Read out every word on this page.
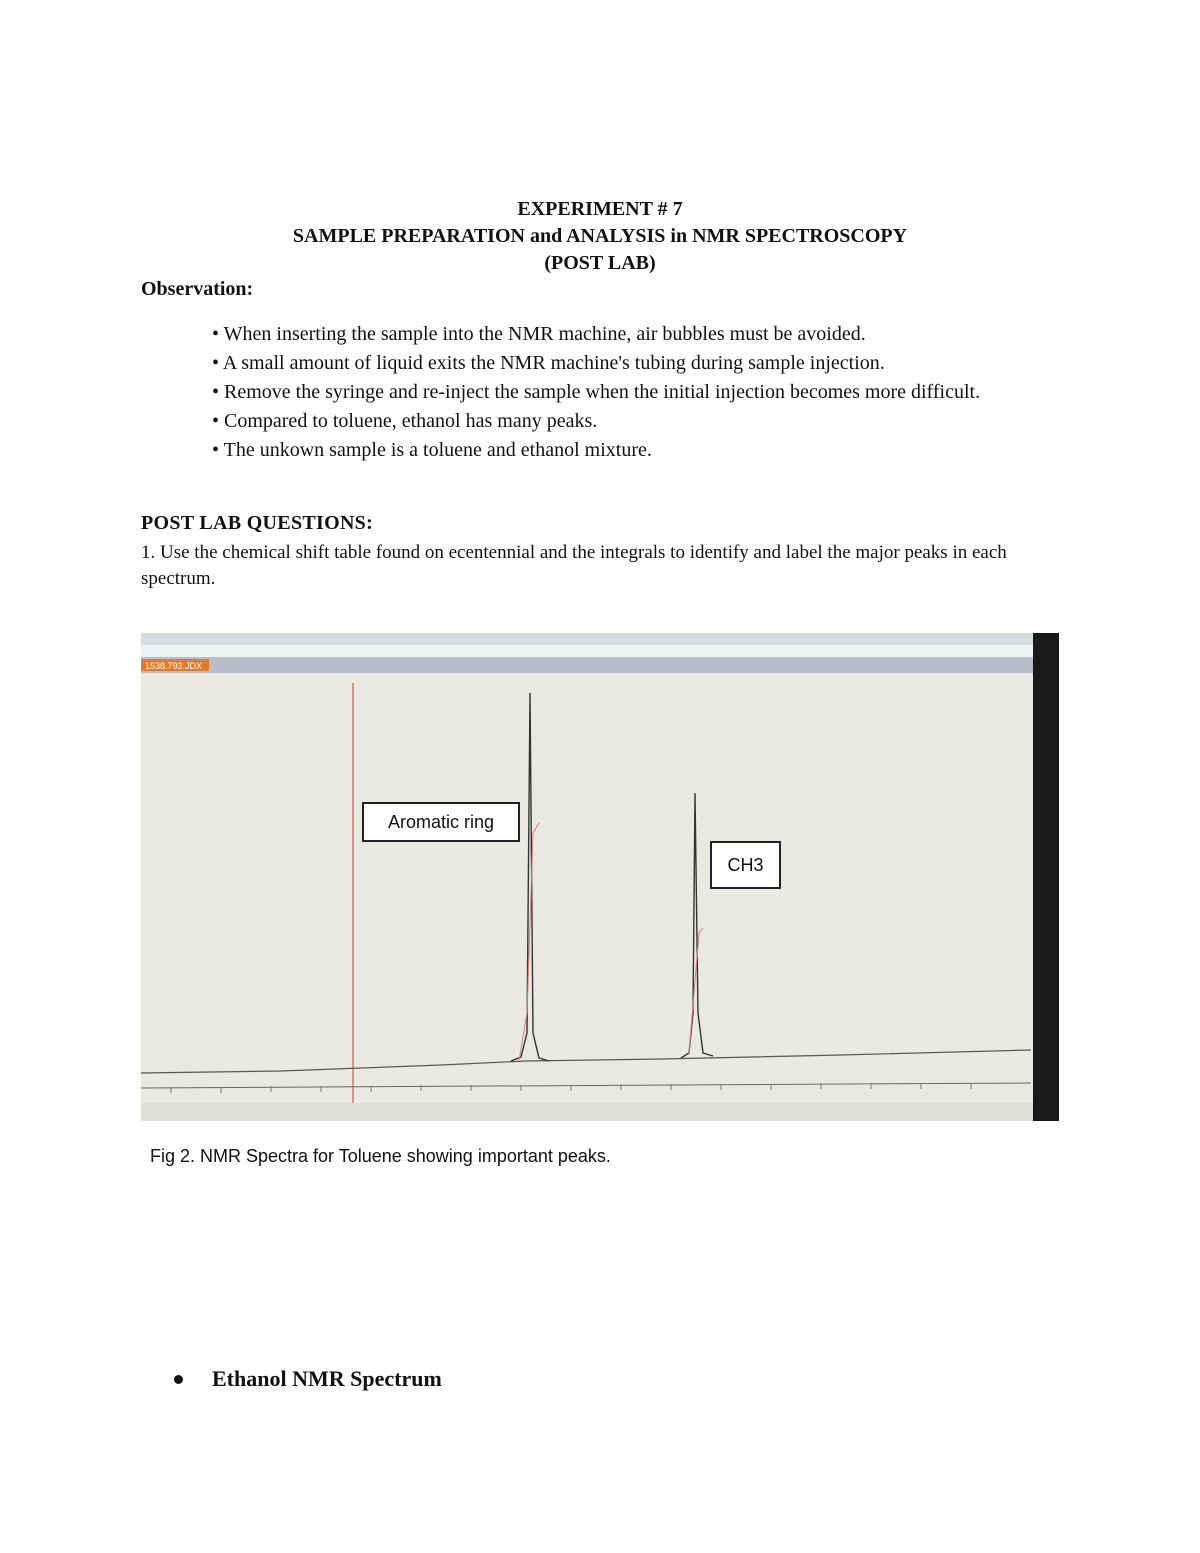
EXPERIMENT # 7
SAMPLE PREPARATION and ANALYSIS in NMR SPECTROSCOPY
(POST LAB)
Observation:
• When inserting the sample into the NMR machine, air bubbles must be avoided.
• A small amount of liquid exits the NMR machine's tubing during sample injection.
• Remove the syringe and re-inject the sample when the initial injection becomes more difficult.
• Compared to toluene, ethanol has many peaks.
• The unkown sample is a toluene and ethanol mixture.
POST LAB QUESTIONS:
1. Use the chemical shift table found on ecentennial and the integrals to identify and label the major peaks in each spectrum.
1538.793.JDX
Aromatic ring
CH3
Fig 2. NMR Spectra for Toluene showing important peaks.
Ethanol NMR Spectrum
